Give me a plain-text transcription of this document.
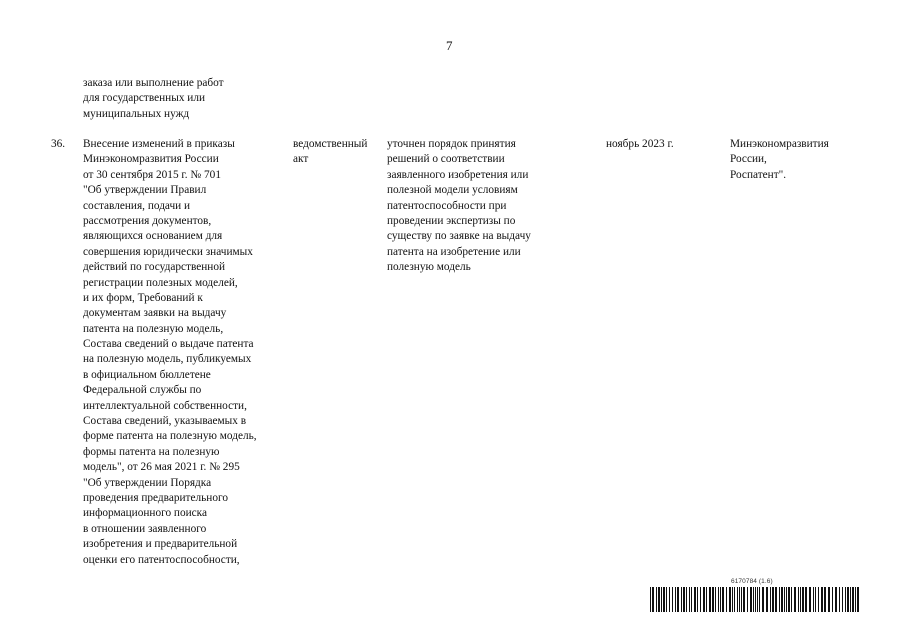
7
заказа или выполнение работ
для государственных или
муниципальных нужд
36. Внесение изменений в приказы
Минэкономразвития России
от 30 сентября 2015 г. № 701
"Об утверждении Правил
составления, подачи и
рассмотрения документов,
являющихся основанием для
совершения юридически значимых
действий по государственной
регистрации полезных моделей,
и их форм, Требований к
документам заявки на выдачу
патента на полезную модель,
Состава сведений о выдаче патента
на полезную модель, публикуемых
в официальном бюллетене
Федеральной службы по
интеллектуальной собственности,
Состава сведений, указываемых в
форме патента на полезную модель,
формы патента на полезную
модель", от 26 мая 2021 г. № 295
"Об утверждении Порядка
проведения предварительного
информационного поиска
в отношении заявленного
изобретения и предварительной
оценки его патентоспособности,
ведомственный
акт
уточнен порядок принятия
решений о соответствии
заявленного изобретения или
полезной модели условиям
патентоспособности при
проведении экспертизы по
существу по заявке на выдачу
патента на изобретение или
полезную модель
ноябрь 2023 г.	Минэкономразвития
России,
Роспатент".
6170784 (1.6)
